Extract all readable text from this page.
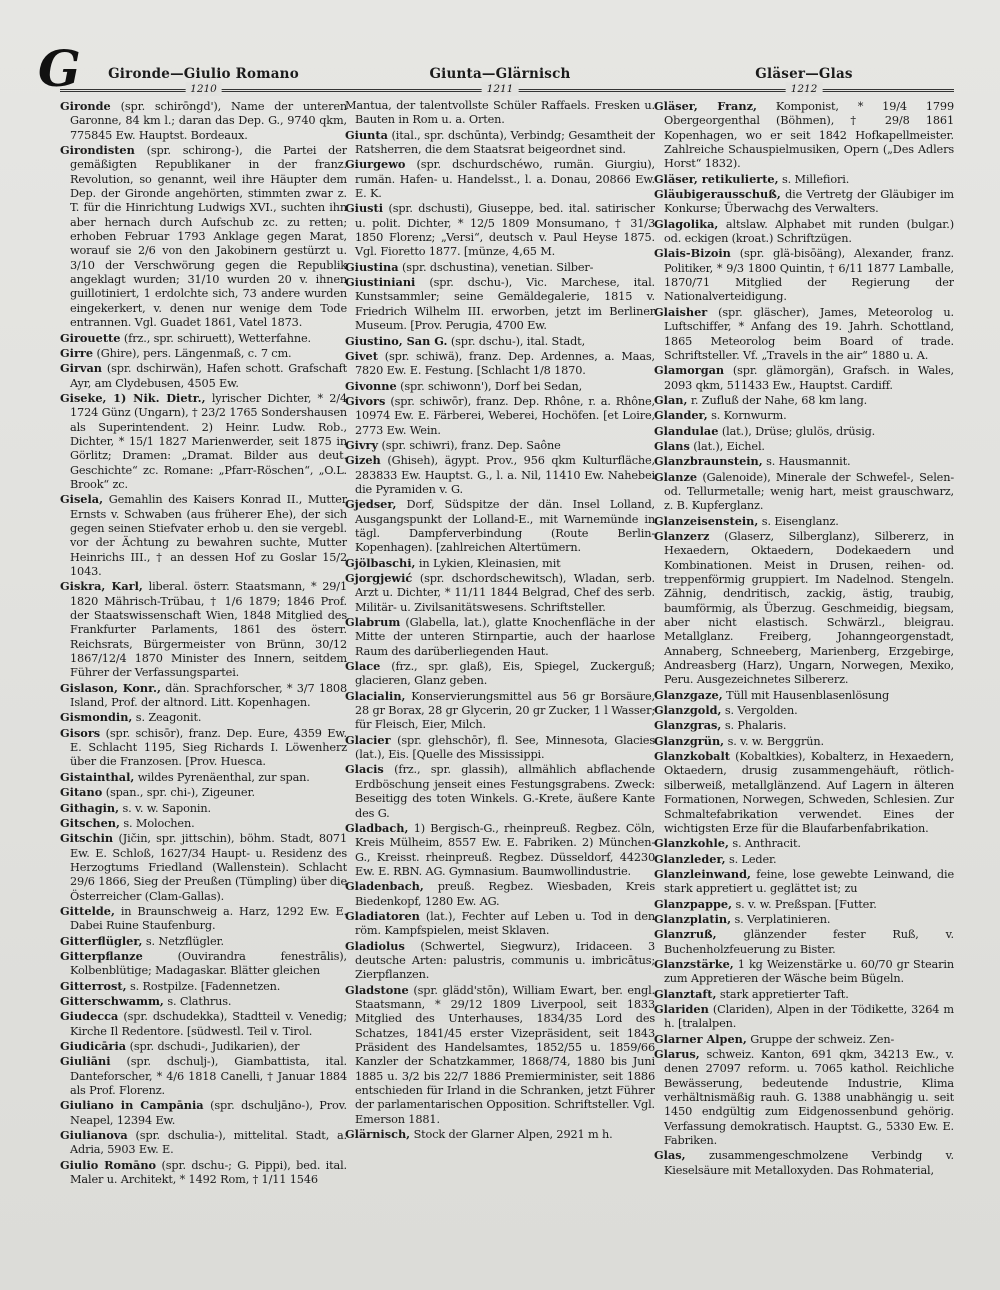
G	Gironde—Giulio Romano
1210
Gironde (spr. schirōngd'), Name der unteren Garonne, 84 km l.; daran das Dep. G., 9740 qkm, 775845 Ew. Hauptst. Bordeaux.
Girondisten (spr. schirong-), die Partei der gemäßigten Republikaner in der franz. Revolution, so genannt, weil ihre Häupter dem Dep. der Gironde angehörten, stimmten zwar z. T. für die Hinrichtung Ludwigs XVI., suchten ihn aber hernach durch Aufschub zc. zu retten; erhoben Februar 1793 Anklage gegen Marat, worauf sie 2/6 von den Jakobinern gestürzt u. 3/10 der Verschwörung gegen die Republik angeklagt wurden; 31/10 wurden 20 v. ihnen guillotiniert, 1 erdolchte sich, 73 andere wurden eingekerkert, v. denen nur wenige dem Tode entrannen. Vgl. Guadet 1861, Vatel 1873.
Girouette (frz., spr. schiruett), Wetterfahne.
Girre (Ghire), pers. Längenmaß, c. 7 cm.
Girvan (spr. dschirwän), Hafen schott. Grafschaft Ayr, am Clydebusen, 4505 Ew.
Giseke, 1) Nik. Dietr., lyrischer Dichter, * 2/4 1724 Günz (Ungarn), † 23/2 1765 Sondershausen als Superintendent. 2) Heinr. Ludw. Rob., Dichter, * 15/1 1827 Marienwerder, seit 1875 in Görlitz; Dramen: „Dramat. Bilder aus deut. Geschichte“ zc. Romane: „Pfarr-Röschen“, „O.L. Brook“ zc.
Gisela, Gemahlin des Kaisers Konrad II., Mutter Ernsts v. Schwaben (aus früherer Ehe), der sich gegen seinen Stiefvater erhob u. den sie vergebl. vor der Ächtung zu bewahren suchte, Mutter Heinrichs III., † an dessen Hof zu Goslar 15/2 1043.
Giskra, Karl, liberal. österr. Staatsmann, * 29/1 1820 Mährisch-Trübau, † 1/6 1879; 1846 Prof. der Staatswissenschaft Wien, 1848 Mitglied des Frankfurter Parlaments, 1861 des österr. Reichsrats, Bürgermeister von Brünn, 30/12 1867/12/4 1870 Minister des Innern, seitdem Führer der Verfassungspartei.
Gislason, Konr., dän. Sprachforscher, * 3/7 1808 Island, Prof. der altnord. Litt. Kopenhagen.
Gismondin, s. Zeagonit.
Gisors (spr. schisōr), franz. Dep. Eure, 4359 Ew. E. Schlacht 1195, Sieg Richards I. Löwenherz über die Franzosen. [Prov. Huesca.
Gistainthal, wildes Pyrenäenthal, zur span.
Gitano (span., spr. chi-), Zigeuner.
Githagin, s. v. w. Saponin.
Gitschen, s. Molochen.
Gitschin (Jičin, spr. jittschin), böhm. Stadt, 8071 Ew. E. Schloß, 1627/34 Haupt- u. Residenz des Herzogtums Friedland (Wallenstein). Schlacht 29/6 1866, Sieg der Preußen (Tümpling) über die Österreicher (Clam-Gallas).
Gittelde, in Braunschweig a. Harz, 1292 Ew. E. Dabei Ruine Staufenburg.
Gitterflügler, s. Netzflügler.
Gitterpflanze	(Ouvirandra fenestrālis), Kolbenblütige; Madagaskar. Blätter gleichen
Gitterrost, s. Rostpilze. [Fadennetzen.
Gitterschwamm, s. Clathrus.
Giudecca (spr. dschudekka), Stadtteil v. Venedig; Kirche Il Redentore. [südwestl. Teil v. Tirol.
Giudicāria (spr. dschudi-, Judikarien), der
Giuliāni (spr. dschulj-), Giambattista, ital. Danteforscher, * 4/6 1818 Canelli, † Januar 1884 als Prof. Florenz.
Giuliano in Campānia (spr. dschuljāno-), Prov. Neapel, 12394 Ew.
Giulianova (spr. dschulia-), mittelital. Stadt, a. Adria, 5903 Ew. E.
Giulio Romāno (spr. dschu-; G. Pippi), bed. ital. Maler u. Architekt, * 1492 Rom, † 1/11 1546
Giunta—Glärnisch
1211
Mantua, der talentvollste Schüler Raffaels. Fresken u. Bauten in Rom u. a. Orten.
Giunta (ital., spr. dschūnta), Verbindg; Gesamtheit der Ratsherren, die dem Staatsrat beigeordnet sind.
Giurgewo (spr. dschurdschéwo, rumän. Giurgiu), rumän. Hafen- u. Handelsst., l. a. Donau, 20866 Ew. E. K.
Giusti (spr. dschusti), Giuseppe, bed. ital. satirischer u. polit. Dichter, * 12/5 1809 Monsumano, † 31/3 1850 Florenz; „Versi“, deutsch v. Paul Heyse 1875. Vgl. Fioretto 1877. [münze, 4,65 M.
Giustina (spr. dschustina), venetian. Silber-
Giustiniani (spr. dschu-), Vic. Marchese, ital. Kunstsammler; seine Gemäldegalerie, 1815 v. Friedrich Wilhelm III. erworben, jetzt im Berliner Museum. [Prov. Perugia, 4700 Ew.
Giustino, San G. (spr. dschu-), ital. Stadt,
Givet (spr. schiwä), franz. Dep. Ardennes, a. Maas, 7820 Ew. E. Festung. [Schlacht 1/8 1870.
Givonne (spr. schiwonn'), Dorf bei Sedan,
Givors (spr. schiwōr), franz. Dep. Rhône, r. a. Rhône, 10974 Ew. E. Färberei, Weberei, Hochöfen. [et Loire, 2773 Ew. Wein.
Givry (spr. schiwri), franz. Dep. Saône
Gizeh (Ghiseh), ägypt. Prov., 956 qkm Kulturfläche, 283833 Ew. Hauptst. G., l. a. Nil, 11410 Ew. Nahebei die Pyramiden v. G.
Gjedser, Dorf, Südspitze der dän. Insel Lolland, Ausgangspunkt der Lolland-E., mit Warnemünde in tägl. Dampferverbindung (Route Berlin-Kopenhagen). [zahlreichen Altertümern.
Gjölbaschi, in Lykien, Kleinasien, mit
Gjorgjewić (spr. dschordschewitsch), Wladan, serb. Arzt u. Dichter, * 11/11 1844 Belgrad, Chef des serb. Militär- u. Zivilsanitätswesens. Schriftsteller.
Glabrum (Glabella, lat.), glatte Knochenfläche in der Mitte der unteren Stirnpartie, auch der haarlose Raum des darüberliegenden Haut.
Glace (frz., spr. glaß), Eis, Spiegel, Zuckerguß; glacieren, Glanz geben.
Glacialin, Konservierungsmittel aus 56 gr Borsäure, 28 gr Borax, 28 gr Glycerin, 20 gr Zucker, 1 l Wasser; für Fleisch, Eier, Milch.
Glacier (spr. glehschōr), fl. See, Minnesota, Glacies (lat.), Eis. [Quelle des Mississippi.
Glacis (frz., spr. glassih), allmählich abflachende Erdböschung jenseit eines Festungsgrabens. Zweck: Beseitigg des toten Winkels. G.-Krete, äußere Kante des G.
Gladbach, 1) Bergisch-G., rheinpreuß. Regbez. Cöln, Kreis Mülheim, 8557 Ew. E. Fabriken. 2) München-G., Kreisst. rheinpreuß. Regbez. Düsseldorf, 44230 Ew. E. RBN. AG. Gymnasium. Baumwollindustrie.
Gladenbach, preuß. Regbez. Wiesbaden, Kreis Biedenkopf, 1280 Ew. AG.
Gladiatoren (lat.), Fechter auf Leben u. Tod in den röm. Kampfspielen, meist Sklaven.
Gladiolus (Schwertel, Siegwurz), Iridaceen. 3 deutsche Arten: palustris, communis u. imbricātus; Zierpflanzen.
Gladstone (spr. glädd'stōn), William Ewart, ber. engl. Staatsmann, * 29/12 1809 Liverpool, seit 1833 Mitglied des Unterhauses, 1834/35 Lord des Schatzes, 1841/45 erster Vizepräsident, seit 1843 Präsident des Handelsamtes, 1852/55 u. 1859/66 Kanzler der Schatzkammer, 1868/74, 1880 bis Juni 1885 u. 3/2 bis 22/7 1886 Premierminister, seit 1886 entschieden für Irland in die Schranken, jetzt Führer der parlamentarischen Opposition. Schriftsteller. Vgl. Emerson 1881.
Glärnisch, Stock der Glarner Alpen, 2921 m h.
Gläser—Glas
1212
Gläser, Franz, Komponist, * 19/4 1799 Obergeorgenthal (Böhmen), † 29/8 1861 Kopenhagen, wo er seit 1842 Hofkapellmeister. Zahlreiche Schauspielmusiken, Opern („Des Adlers Horst“ 1832).
Gläser, retikulierte, s. Millefiori.
Gläubigerausschuß, die Vertretg der Gläubiger im Konkurse; Überwachg des Verwalters.
Glagolika, altslaw. Alphabet mit runden (bulgar.) od. eckigen (kroat.) Schriftzügen.
Glais-Bizoin (spr. glä-bisōäng), Alexander, franz. Politiker, * 9/3 1800 Quintin, † 6/11 1877 Lamballe, 1870/71 Mitglied der Regierung der Nationalverteidigung.
Glaisher (spr. gläscher), James, Meteorolog u. Luftschiffer, * Anfang des 19. Jahrh. Schottland, 1865 Meteorolog beim Board of trade. Schriftsteller. Vf. „Travels in the air“ 1880 u. A.
Glamorgan (spr. glämorgän), Grafsch. in Wales, 2093 qkm, 511433 Ew., Hauptst. Cardiff.
Glan, r. Zufluß der Nahe, 68 km lang.
Glander, s. Kornwurm.
Glandulae (lat.), Drüse; glulös, drüsig.
Glans (lat.), Eichel.
Glanzbraunstein, s. Hausmannit.
Glanze (Galenoide), Minerale der Schwefel-, Selen- od. Tellurmetalle; wenig hart, meist grauschwarz, z. B. Kupferglanz.
Glanzeisenstein, s. Eisenglanz.
Glanzerz (Glaserz, Silberglanz), Silbererz, in Hexaedern, Oktaedern, Dodekaedern und Kombinationen. Meist in Drusen, reihen- od. treppenförmig gruppiert. Im Nadelnod. Stengeln. Zähnig, dendritisch, zackig, ästig, traubig, baumförmig, als Überzug. Geschmeidig, biegsam, aber nicht elastisch. Schwärzl., bleigrau. Metallglanz. Freiberg, Johanngeorgenstadt, Annaberg, Schneeberg, Marienberg, Erzgebirge, Andreasberg (Harz), Ungarn, Norwegen, Mexiko, Peru. Ausgezeichnetes Silbererz.
Glanzgaze, Tüll mit Hausenblasenlösung
Glanzgold, s. Vergolden.
Glanzgras, s. Phalaris.
Glanzgrün, s. v. w. Berggrün.
Glanzkobalt (Kobaltkies), Kobalterz, in Hexaedern, Oktaedern, drusig zusammengehäuft, rötlich-silberweiß, metallglänzend. Auf Lagern in älteren Formationen, Norwegen, Schweden, Schlesien. Zur Schmaltefabrikation verwendet. Eines der wichtigsten Erze für die Blaufarbenfabrikation.
Glanzkohle, s. Anthracit.
Glanzleder, s. Leder.
Glanzleinwand, feine, lose gewebte Leinwand, die stark appretiert u. geglättet ist; zu
Glanzpappe, s. v. w. Preßspan. [Futter.
Glanzplatin, s. Verplatinieren.
Glanzruß, glänzender fester Ruß, v. Buchenholzfeuerung zu Bister.
Glanzstärke, 1 kg Weizenstärke u. 60/70 gr Stearin zum Appretieren der Wäsche beim Bügeln.
Glanztaft, stark appretierter Taft.
Glariden (Clariden), Alpen in der Tödikette, 3264 m h. [tralalpen.
Glarner Alpen, Gruppe der schweiz. Zen-
Glarus, schweiz. Kanton, 691 qkm, 34213 Ew., v. denen 27097 reform. u. 7065 kathol. Reichliche Bewässerung, bedeutende Industrie, Klima verhältnismäßig rauh. G. 1388 unabhängig u. seit 1450 endgültig zum Eidgenossenbund gehörig. Verfassung demokratisch. Hauptst. G., 5330 Ew. E. Fabriken.
Glas, zusammengeschmolzene Verbindg v. Kieselsäure mit Metalloxyden. Das Rohmaterial,
